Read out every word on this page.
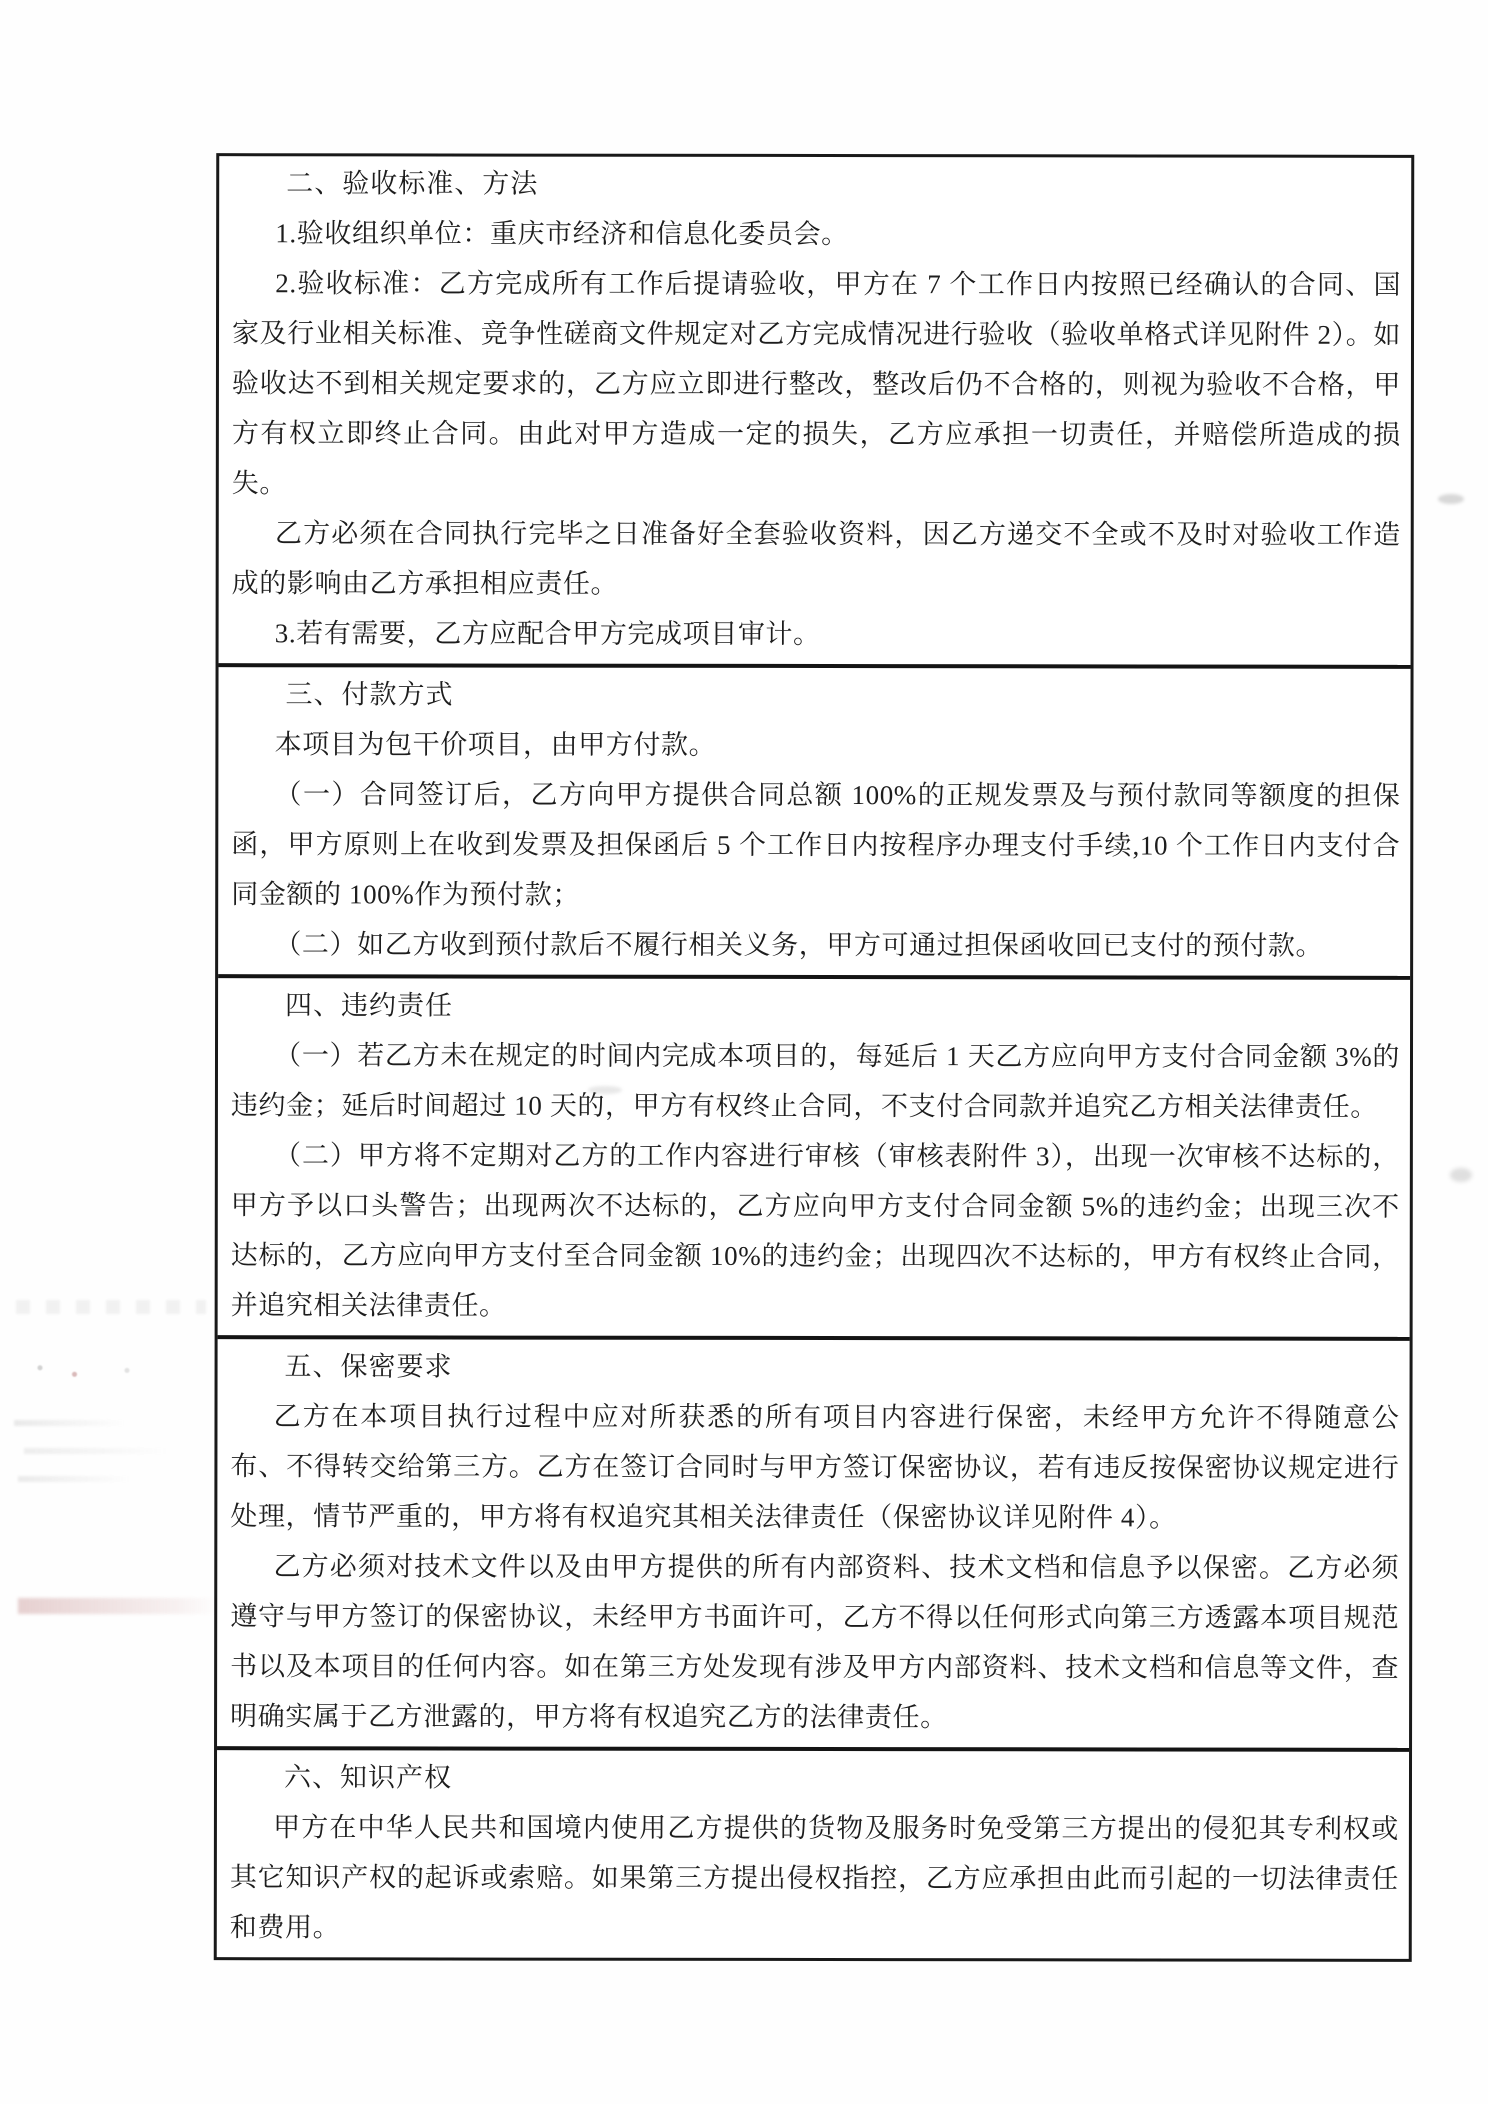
二、验收标准、方法

1.验收组织单位：重庆市经济和信息化委员会。

2.验收标准：乙方完成所有工作后提请验收，甲方在 7 个工作日内按照已经确认的合同、国家及行业相关标准、竞争性磋商文件规定对乙方完成情况进行验收（验收单格式详见附件 2）。如验收达不到相关规定要求的，乙方应立即进行整改，整改后仍不合格的，则视为验收不合格，甲方有权立即终止合同。由此对甲方造成一定的损失，乙方应承担一切责任，并赔偿所造成的损失。

乙方必须在合同执行完毕之日准备好全套验收资料，因乙方递交不全或不及时对验收工作造成的影响由乙方承担相应责任。

3.若有需要，乙方应配合甲方完成项目审计。

三、付款方式

本项目为包干价项目，由甲方付款。

（一）合同签订后，乙方向甲方提供合同总额 100%的正规发票及与预付款同等额度的担保函，甲方原则上在收到发票及担保函后 5 个工作日内按程序办理支付手续,10 个工作日内支付合同金额的 100%作为预付款；

（二）如乙方收到预付款后不履行相关义务，甲方可通过担保函收回已支付的预付款。

四、违约责任

（一）若乙方未在规定的时间内完成本项目的，每延后 1 天乙方应向甲方支付合同金额 3%的违约金；延后时间超过 10 天的，甲方有权终止合同，不支付合同款并追究乙方相关法律责任。

（二）甲方将不定期对乙方的工作内容进行审核（审核表附件 3），出现一次审核不达标的，甲方予以口头警告；出现两次不达标的，乙方应向甲方支付合同金额 5%的违约金；出现三次不达标的，乙方应向甲方支付至合同金额 10%的违约金；出现四次不达标的，甲方有权终止合同，并追究相关法律责任。

五、保密要求

乙方在本项目执行过程中应对所获悉的所有项目内容进行保密，未经甲方允许不得随意公布、不得转交给第三方。乙方在签订合同时与甲方签订保密协议，若有违反按保密协议规定进行处理，情节严重的，甲方将有权追究其相关法律责任（保密协议详见附件 4）。

乙方必须对技术文件以及由甲方提供的所有内部资料、技术文档和信息予以保密。乙方必须遵守与甲方签订的保密协议，未经甲方书面许可，乙方不得以任何形式向第三方透露本项目规范书以及本项目的任何内容。如在第三方处发现有涉及甲方内部资料、技术文档和信息等文件，查明确实属于乙方泄露的，甲方将有权追究乙方的法律责任。

六、知识产权

甲方在中华人民共和国境内使用乙方提供的货物及服务时免受第三方提出的侵犯其专利权或其它知识产权的起诉或索赔。如果第三方提出侵权指控，乙方应承担由此而引起的一切法律责任和费用。
